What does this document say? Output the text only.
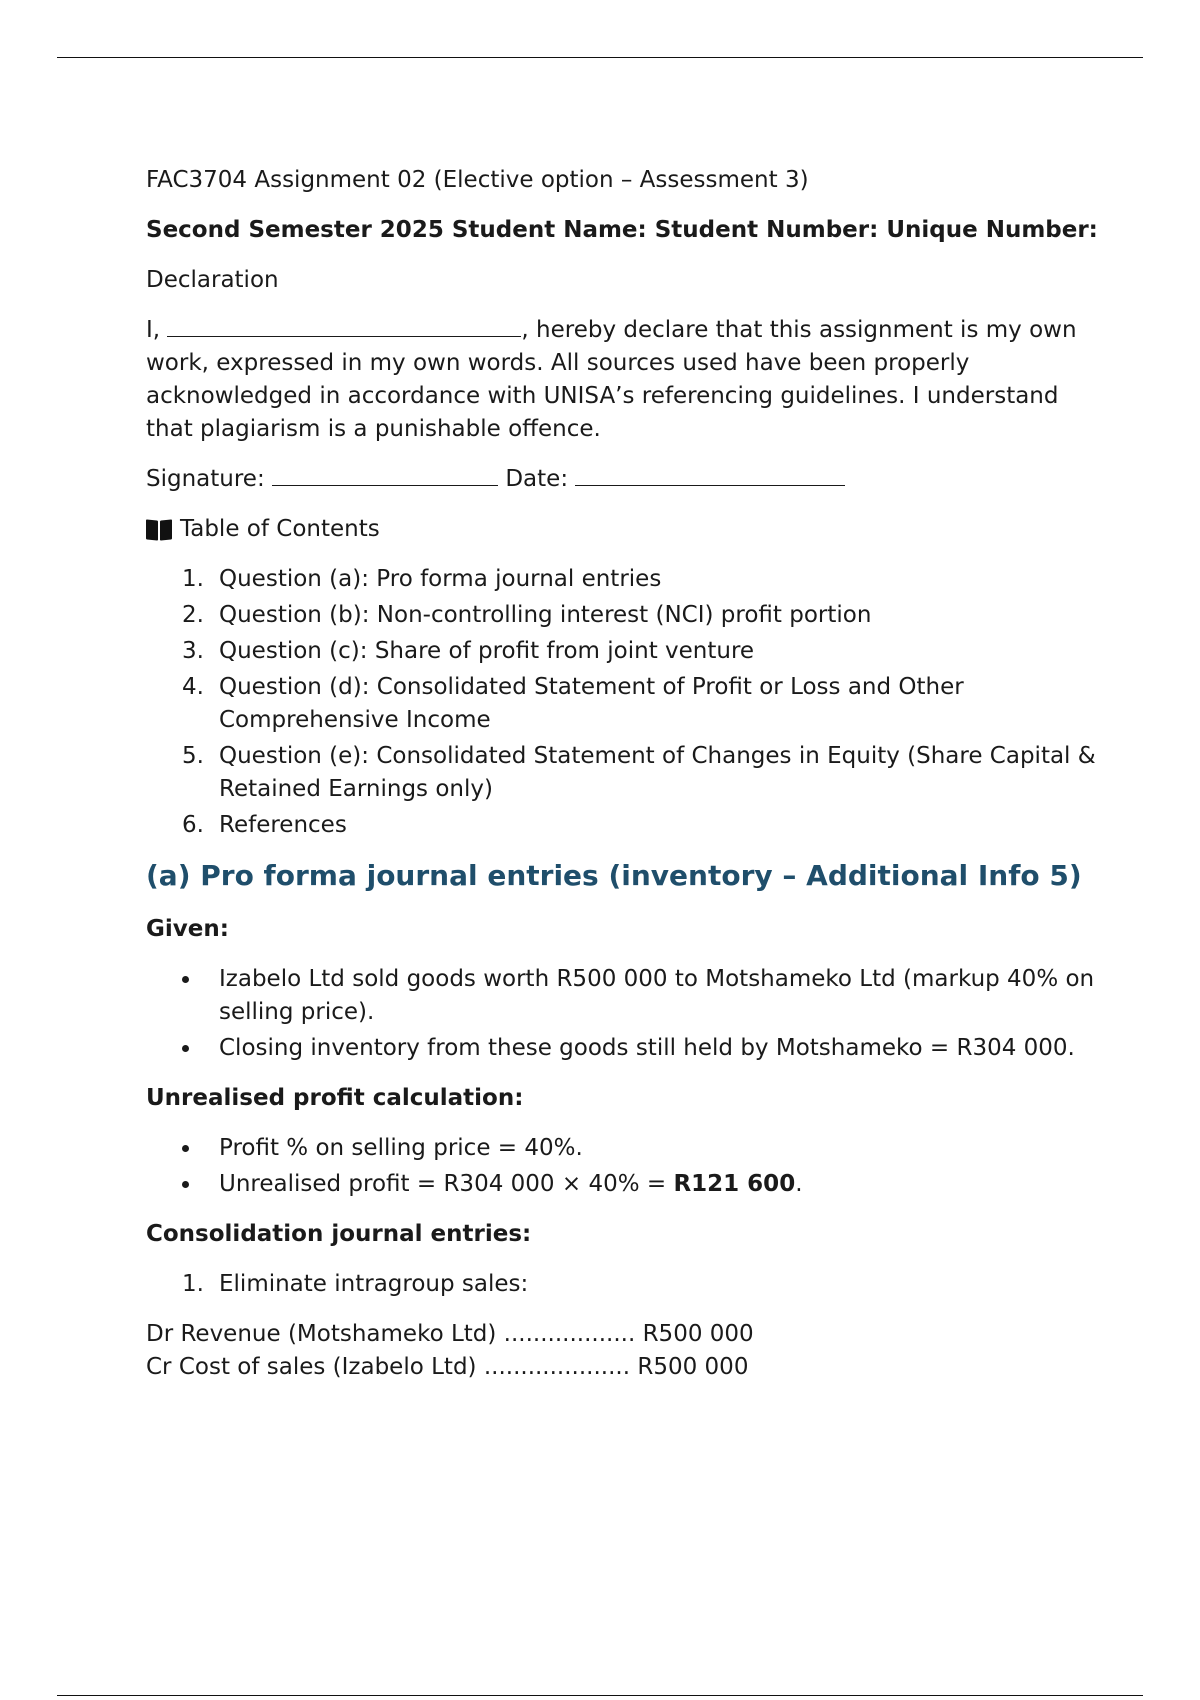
FAC3704 Assignment 02 (Elective option – Assessment 3)

Second Semester 2025 Student Name: Student Number: Unique Number:

Declaration

I,	, hereby declare that this assignment is my own work, expressed in my own words. All sources used have been properly acknowledged in accordance with UNISA’s referencing guidelines. I understand that plagiarism is a punishable offence.

Signature:	Date:

Table of Contents
1. Question (a): Pro forma journal entries
2. Question (b): Non-controlling interest (NCI) profit portion
3. Question (c): Share of profit from joint venture
4. Question (d): Consolidated Statement of Profit or Loss and Other Comprehensive Income
5. Question (e): Consolidated Statement of Changes in Equity (Share Capital & Retained Earnings only)
6. References
(a) Pro forma journal entries (inventory – Additional Info 5)

Given:

Izabelo Ltd sold goods worth R500 000 to Motshameko Ltd (markup 40% on selling price).
Closing inventory from these goods still held by Motshameko = R304 000.

Unrealised profit calculation:

Profit % on selling price = 40%.
Unrealised profit = R304 000 × 40% = R121 600.

Consolidation journal entries:

1. Eliminate intragroup sales:

Dr Revenue (Motshameko Ltd) .................. R500 000

Cr Cost of sales (Izabelo Ltd) .................... R500 000
